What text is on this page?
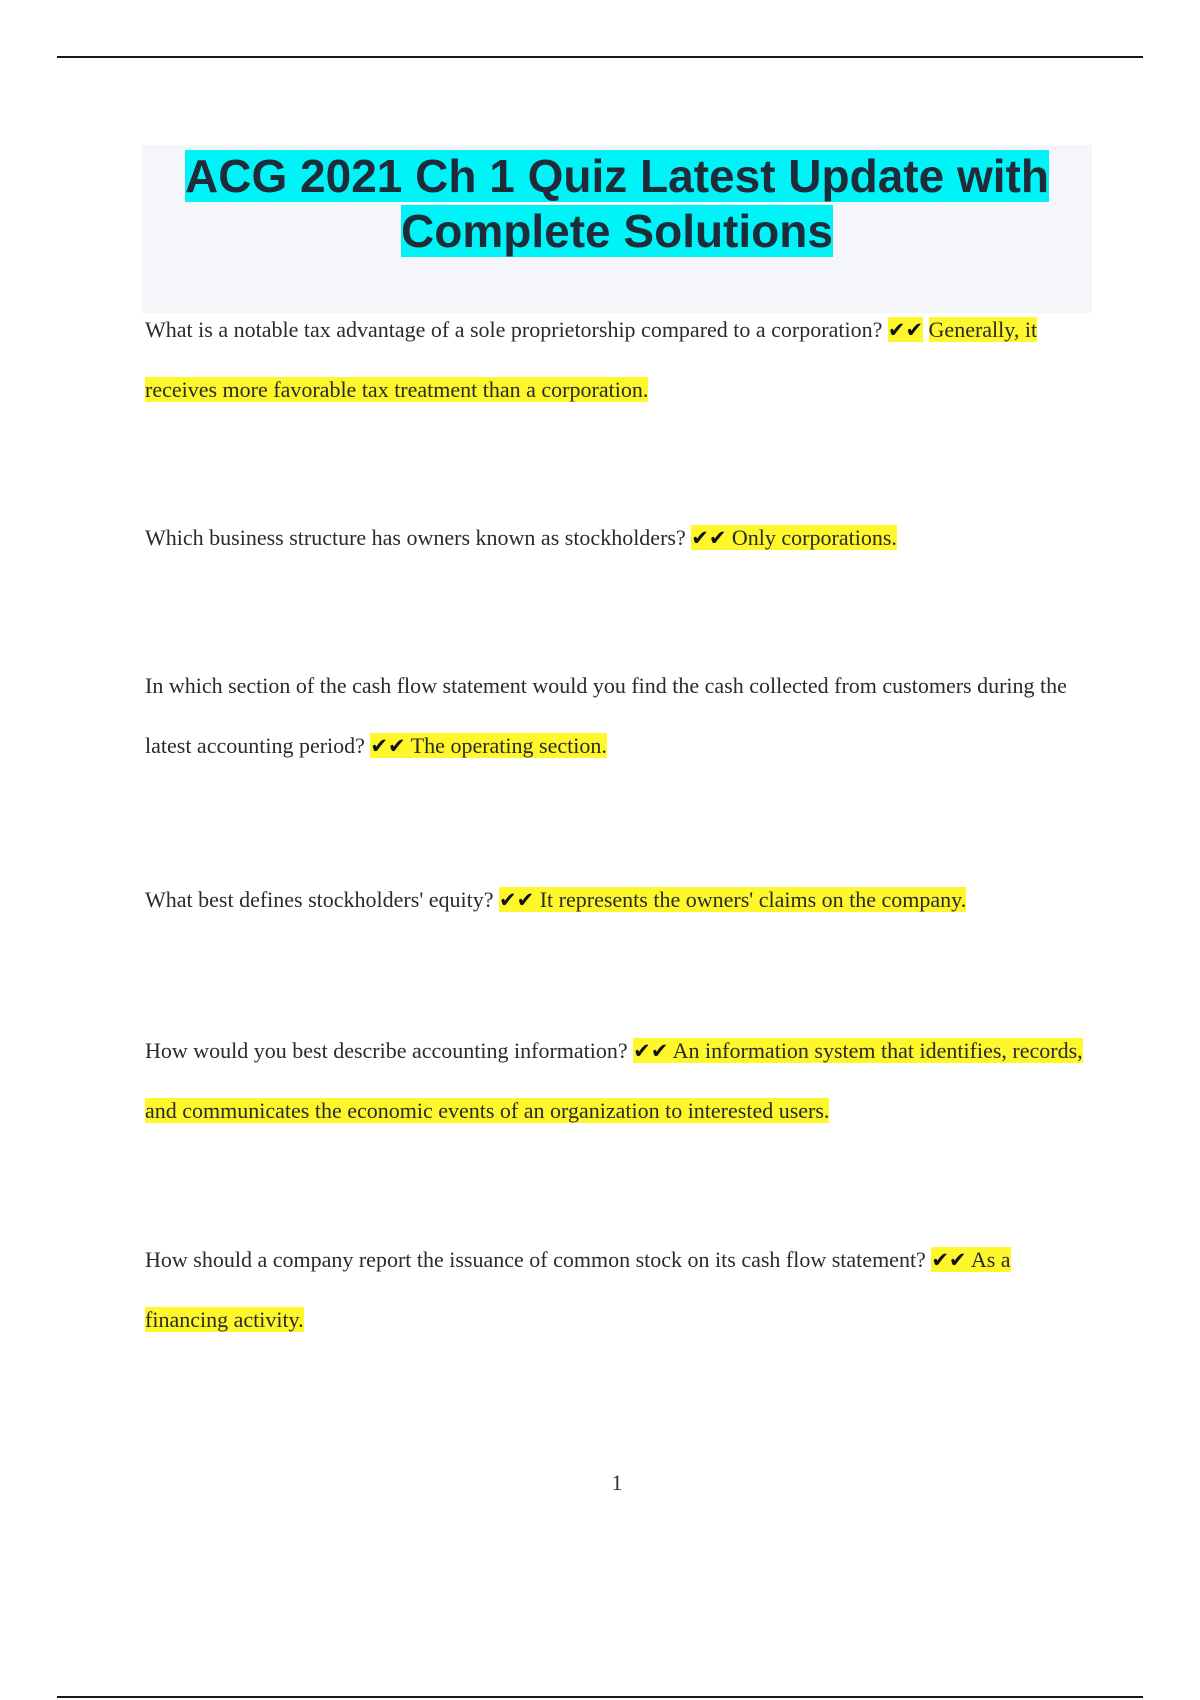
ACG 2021 Ch 1 Quiz Latest Update with
Complete Solutions

What is a notable tax advantage of a sole proprietorship compared to a corporation? ✔✔ Generally, it receives more favorable tax treatment than a corporation.

Which business structure has owners known as stockholders? ✔✔ Only corporations.

In which section of the cash flow statement would you find the cash collected from customers during the latest accounting period? ✔✔ The operating section.

What best defines stockholders' equity? ✔✔ It represents the owners' claims on the company.

How would you best describe accounting information? ✔✔ An information system that identifies, records, and communicates the economic events of an organization to interested users.

How should a company report the issuance of common stock on its cash flow statement? ✔✔ As a financing activity.

1
